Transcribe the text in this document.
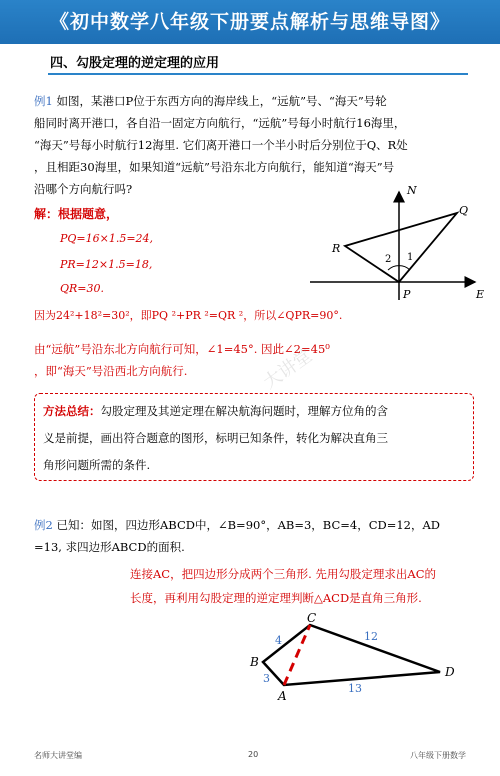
《初中数学八年级下册要点解析与思维导图》
四、勾股定理的逆定理的应用
例1 如图，某港口P位于东西方向的海岸线上，“远航”号、“海天”号轮
船同时离开港口，各自沿一固定方向航行，“远航”号每小时航行16海里，
“海天”号每小时航行12海里. 它们离开港口一个半小时后分别位于Q、R处
，且相距30海里，如果知道“远航”号沿东北方向航行，能知道“海天”号
沿哪个方向航行吗?
解：根据题意，
PQ=16×1.5=24,
PR=12×1.5=18,
QR=30.
因为24²+18²=30²，即PQ ²+PR ²=QR ²，所以∠QPR=90°.
由“远航”号沿东北方向航行可知，∠1=45°. 因此∠2=45⁰
，即“海天”号沿西北方向航行.
N
E
P
Q
R
1
2
大讲堂
方法总结：勾股定理及其逆定理在解决航海问题时，理解方位角的含
义是前提，画出符合题意的图形，标明已知条件，转化为解决直角三
角形问题所需的条件.
例2 已知：如图，四边形ABCD中，∠B=90°，AB=3，BC=4，CD=12，AD
=13, 求四边形ABCD的面积.
连接AC，把四边形分成两个三角形. 先用勾股定理求出AC的
长度，再利用勾股定理的逆定理判断△ACD是直角三角形.
A
B
C
D
4
3
12
13
名师大讲堂编	20	八年级下册数学
